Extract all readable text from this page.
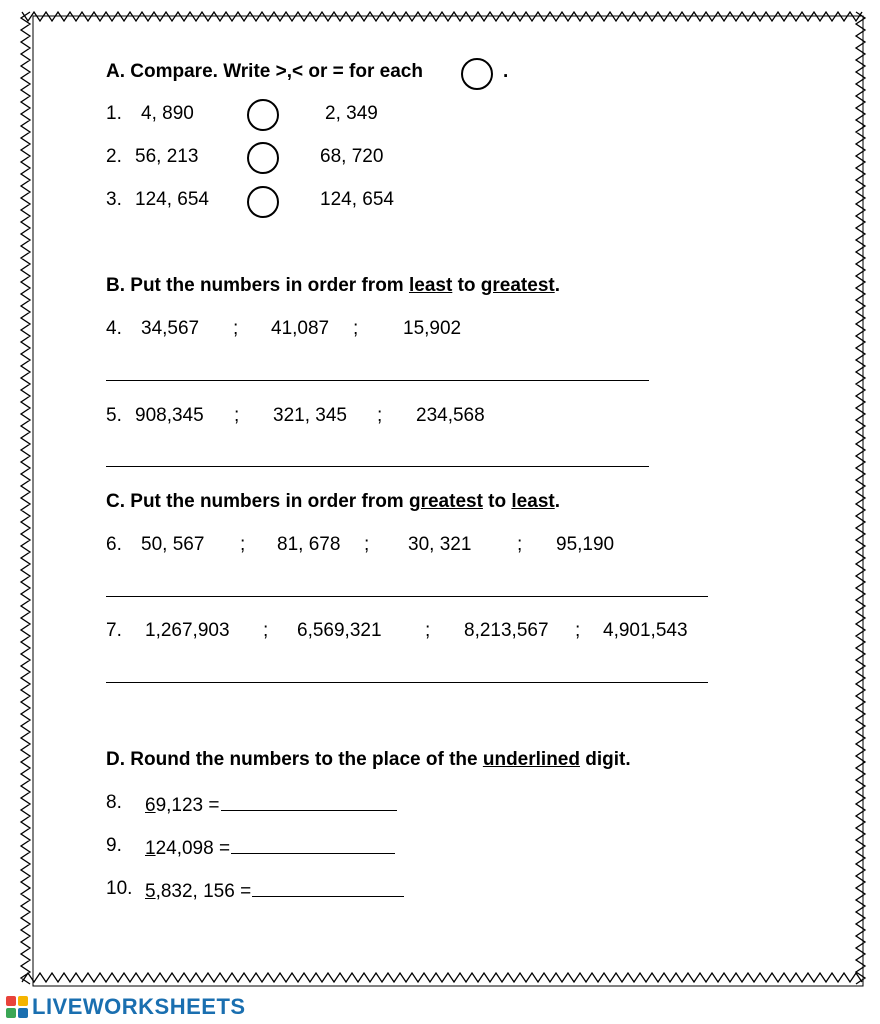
A. Compare. Write >,< or = for each	.
1. 4, 890	2, 349
2. 56, 213	68, 720
3. 124, 654	124, 654
B. Put the numbers in order from least to greatest.
4. 34,567 ; 41,087 ; 15,902
5. 908,345 ; 321, 345 ; 234,568
C. Put the numbers in order from greatest to least.
6. 50, 567 ; 81, 678 ; 30, 321 ; 95,190
7. 1,267,903 ; 6,569,321 ; 8,213,567 ; 4,901,543
D. Round the numbers to the place of the underlined digit.
8. 69,123 =
9. 124,098 =
10. 5,832, 156 =
LIVEWORKSHEETS
